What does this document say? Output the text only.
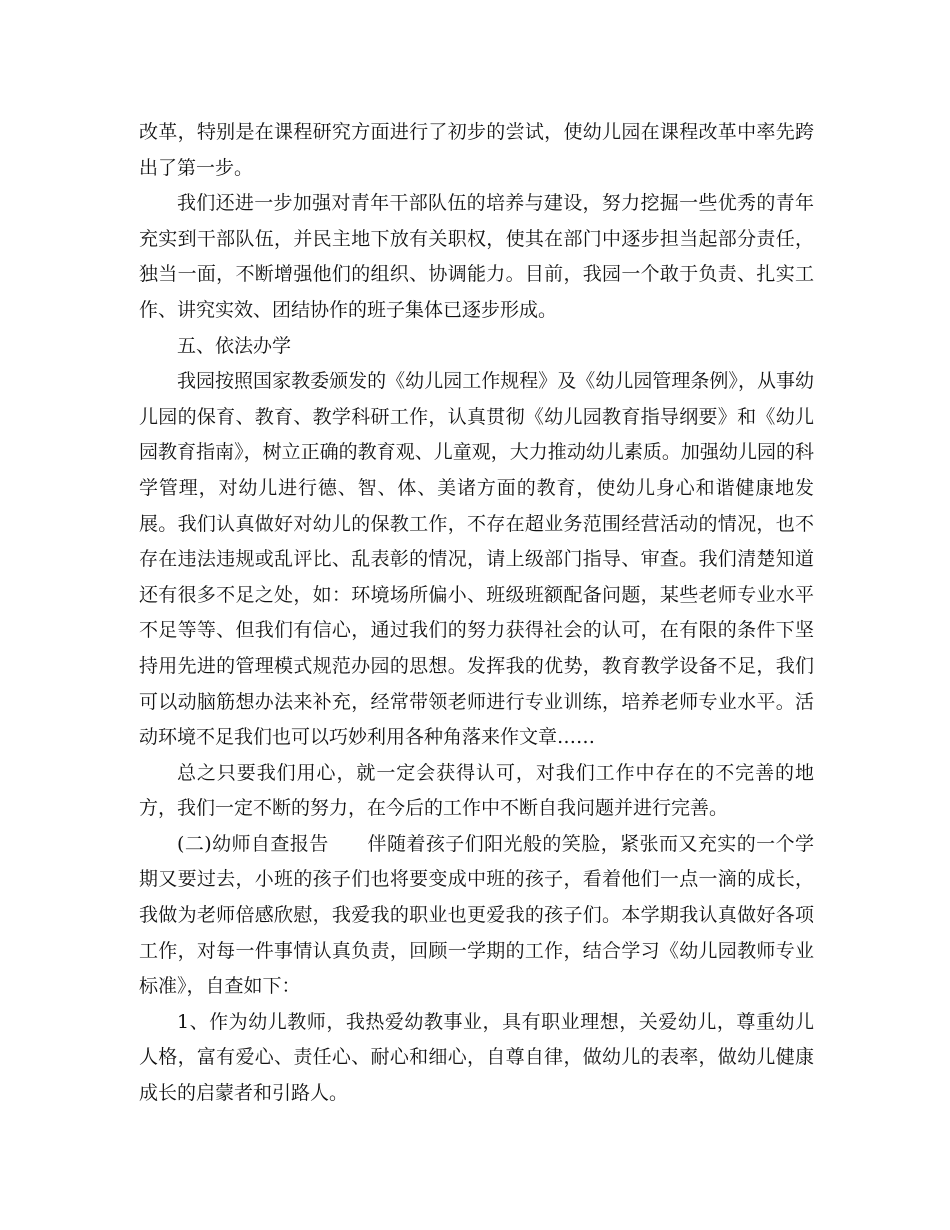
改革，特别是在课程研究方面进行了初步的尝试，使幼儿园在课程改革中率先跨出了第一步。

我们还进一步加强对青年干部队伍的培养与建设，努力挖掘一些优秀的青年充实到干部队伍，并民主地下放有关职权，使其在部门中逐步担当起部分责任，独当一面，不断增强他们的组织、协调能力。目前，我园一个敢于负责、扎实工作、讲究实效、团结协作的班子集体已逐步形成。

五、依法办学

我园按照国家教委颁发的《幼儿园工作规程》及《幼儿园管理条例》，从事幼儿园的保育、教育、教学科研工作，认真贯彻《幼儿园教育指导纲要》和《幼儿园教育指南》，树立正确的教育观、儿童观，大力推动幼儿素质。加强幼儿园的科学管理，对幼儿进行德、智、体、美诸方面的教育，使幼儿身心和谐健康地发展。我们认真做好对幼儿的保教工作，不存在超业务范围经营活动的情况，也不存在违法违规或乱评比、乱表彰的情况，请上级部门指导、审查。我们清楚知道还有很多不足之处，如：环境场所偏小、班级班额配备问题，某些老师专业水平不足等等、但我们有信心，通过我们的努力获得社会的认可，在有限的条件下坚持用先进的管理模式规范办园的思想。发挥我的优势，教育教学设备不足，我们可以动脑筋想办法来补充，经常带领老师进行专业训练，培养老师专业水平。活动环境不足我们也可以巧妙利用各种角落来作文章……

总之只要我们用心，就一定会获得认可，对我们工作中存在的不完善的地方，我们一定不断的努力，在今后的工作中不断自我问题并进行完善。

(二)幼师自查报告　　伴随着孩子们阳光般的笑脸，紧张而又充实的一个学期又要过去，小班的孩子们也将要变成中班的孩子，看着他们一点一滴的成长，我做为老师倍感欣慰，我爱我的职业也更爱我的孩子们。本学期我认真做好各项工作，对每一件事情认真负责，回顾一学期的工作，结合学习《幼儿园教师专业标准》，自查如下：

1、作为幼儿教师，我热爱幼教事业，具有职业理想，关爱幼儿，尊重幼儿人格，富有爱心、责任心、耐心和细心，自尊自律，做幼儿的表率，做幼儿健康成长的启蒙者和引路人。
